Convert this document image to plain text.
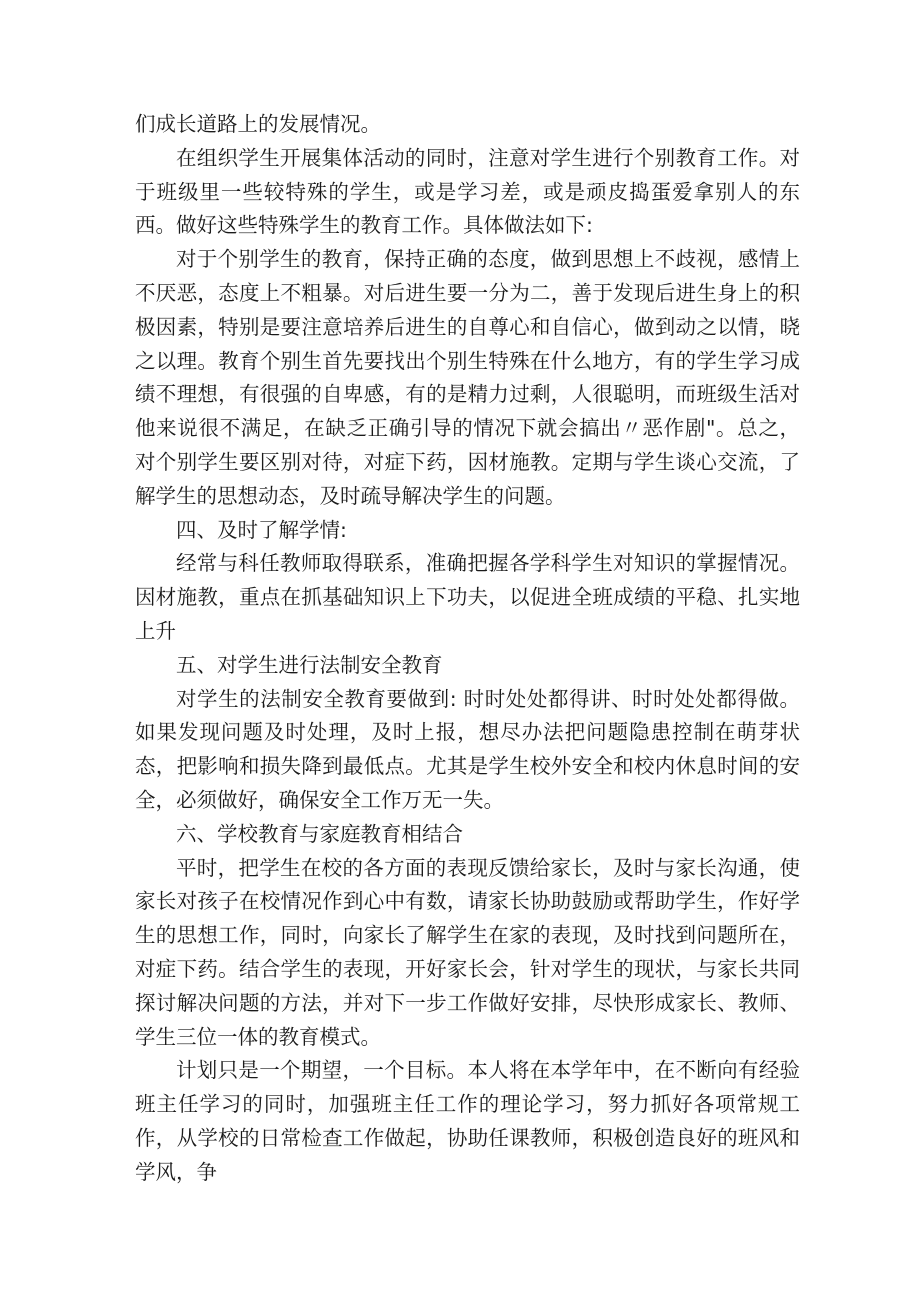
们成长道路上的发展情况。

在组织学生开展集体活动的同时，注意对学生进行个别教育工作。对于班级里一些较特殊的学生，或是学习差，或是顽皮捣蛋爱拿别人的东西。做好这些特殊学生的教育工作。具体做法如下:

对于个别学生的教育，保持正确的态度，做到思想上不歧视，感情上不厌恶，态度上不粗暴。对后进生要一分为二，善于发现后进生身上的积极因素，特别是要注意培养后进生的自尊心和自信心，做到动之以情，晓之以理。教育个别生首先要找出个别生特殊在什么地方，有的学生学习成绩不理想，有很强的自卑感，有的是精力过剩，人很聪明，而班级生活对他来说很不满足，在缺乏正确引导的情况下就会搞出〃恶作剧"。总之，对个别学生要区别对待，对症下药，因材施教。定期与学生谈心交流，了解学生的思想动态，及时疏导解决学生的问题。

四、及时了解学情:

经常与科任教师取得联系，准确把握各学科学生对知识的掌握情况。因材施教，重点在抓基础知识上下功夫，以促进全班成绩的平稳、扎实地上升

五、对学生进行法制安全教育

对学生的法制安全教育要做到: 时时处处都得讲、时时处处都得做。如果发现问题及时处理，及时上报，想尽办法把问题隐患控制在萌芽状态，把影响和损失降到最低点。尤其是学生校外安全和校内休息时间的安全，必须做好，确保安全工作万无一失。

六、学校教育与家庭教育相结合

平时，把学生在校的各方面的表现反馈给家长，及时与家长沟通，使家长对孩子在校情况作到心中有数，请家长协助鼓励或帮助学生，作好学生的思想工作，同时，向家长了解学生在家的表现，及时找到问题所在，对症下药。结合学生的表现，开好家长会，针对学生的现状，与家长共同探讨解决问题的方法，并对下一步工作做好安排，尽快形成家长、教师、学生三位一体的教育模式。

计划只是一个期望，一个目标。本人将在本学年中，在不断向有经验班主任学习的同时，加强班主任工作的理论学习，努力抓好各项常规工作，从学校的日常检查工作做起，协助任课教师，积极创造良好的班风和学风，争
